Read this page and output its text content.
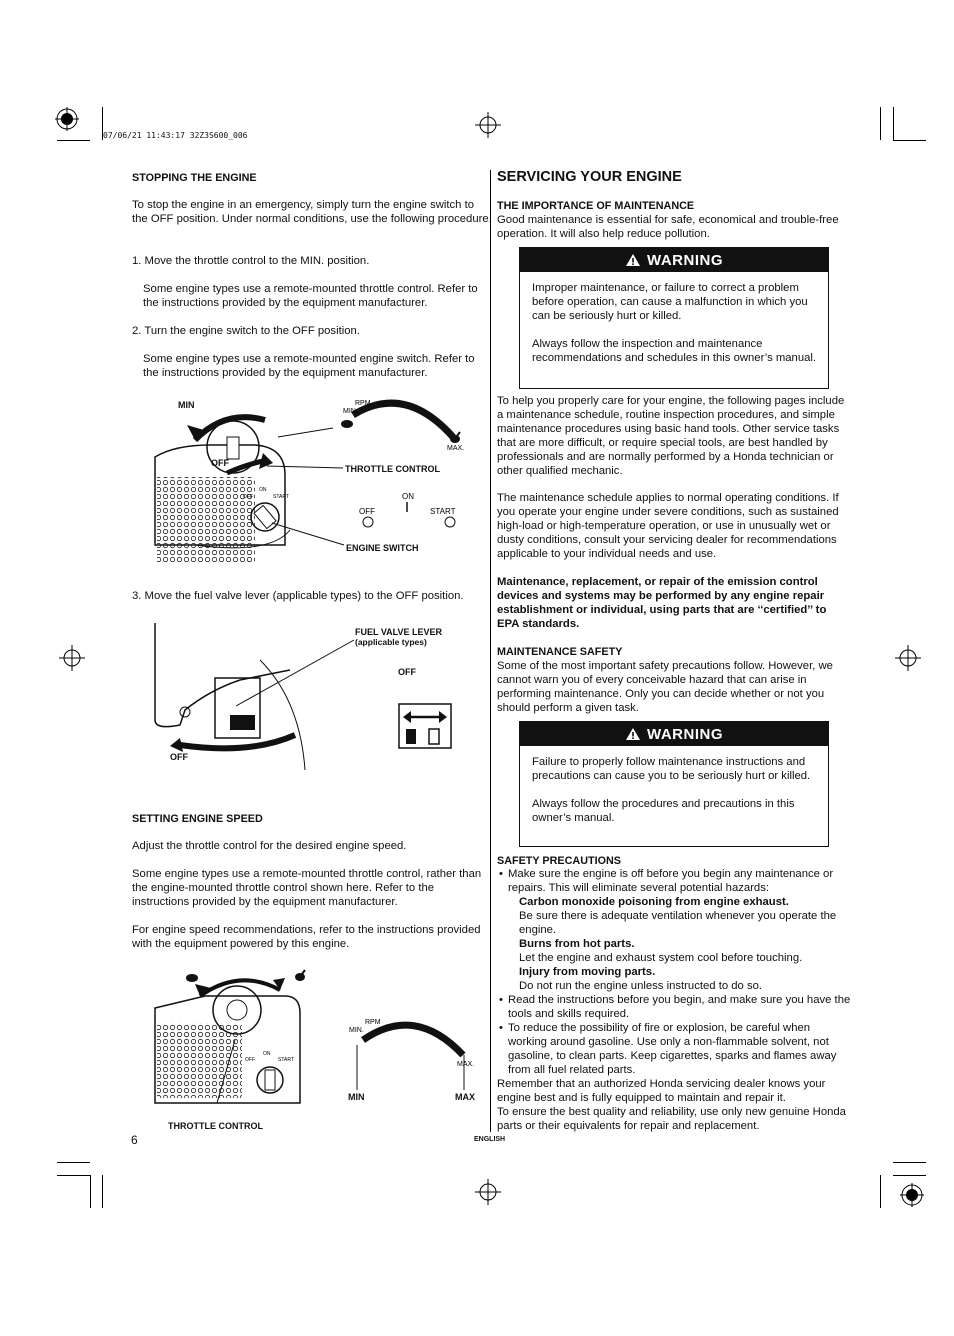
07/06/21 11:43:17 32Z3S600_006
STOPPING THE ENGINE
To stop the engine in an emergency, simply turn the engine switch to the OFF position. Under normal conditions, use the following procedure.
1. Move the throttle control to the MIN. position.
Some engine types use a remote-mounted throttle control. Refer to the instructions provided by the equipment manufacturer.
2. Turn the engine switch to the OFF position.
Some engine types use a remote-mounted engine switch. Refer to the instructions provided by the equipment manufacturer.
OFF
ON
START
MIN.
RPM
MAX.
OFF
ON
START
MIN
OFF
THROTTLE CONTROL
ENGINE SWITCH
3. Move the fuel valve lever (applicable types) to the OFF position.
FUEL VALVE LEVER
(applicable types)
OFF
OFF
SETTING ENGINE SPEED
Adjust the throttle control for the desired engine speed.
Some engine types use a remote-mounted throttle control, rather than the engine-mounted throttle control shown here. Refer to the instructions provided by the equipment manufacturer.
For engine speed recommendations, refer to the instructions provided with the equipment powered by this engine.
OFF
ON
START
MIN.
RPM
MAX.
MIN	MAX
THROTTLE CONTROL
6
SERVICING YOUR ENGINE
THE IMPORTANCE OF MAINTENANCE
Good maintenance is essential for safe, economical and trouble-free operation. It will also help reduce pollution.
WARNING
Improper maintenance, or failure to correct a problem before operation, can cause a malfunction in which you can be seriously hurt or killed.
Always follow the inspection and maintenance recommendations and schedules in this owner’s manual.
To help you properly care for your engine, the following pages include a maintenance schedule, routine inspection procedures, and simple maintenance procedures using basic hand tools. Other service tasks that are more difficult, or require special tools, are best handled by professionals and are normally performed by a Honda technician or other qualified mechanic.
The maintenance schedule applies to normal operating conditions. If you operate your engine under severe conditions, such as sustained high-load or high-temperature operation, or use in unusually wet or dusty conditions, consult your servicing dealer for recommendations applicable to your individual needs and use.
Maintenance, replacement, or repair of the emission control devices and systems may be performed by any engine repair establishment or individual, using parts that are ‘‘certified’’ to EPA standards.
MAINTENANCE SAFETY
Some of the most important safety precautions follow. However, we cannot warn you of every conceivable hazard that can arise in performing maintenance. Only you can decide whether or not you should perform a given task.
WARNING
Failure to properly follow maintenance instructions and precautions can cause you to be seriously hurt or killed.
Always follow the procedures and precautions in this owner’s manual.
SAFETY PRECAUTIONS
• Make sure the engine is off before you begin any maintenance or repairs. This will eliminate several potential hazards:
Carbon monoxide poisoning from engine exhaust.
Be sure there is adequate ventilation whenever you operate the engine.
Burns from hot parts.
Let the engine and exhaust system cool before touching.
Injury from moving parts.
Do not run the engine unless instructed to do so.
• Read the instructions before you begin, and make sure you have the tools and skills required.
• To reduce the possibility of fire or explosion, be careful when working around gasoline. Use only a non-flammable solvent, not gasoline, to clean parts. Keep cigarettes, sparks and flames away from all fuel related parts.
Remember that an authorized Honda servicing dealer knows your engine best and is fully equipped to maintain and repair it.
To ensure the best quality and reliability, use only new genuine Honda parts or their equivalents for repair and replacement.
ENGLISH
